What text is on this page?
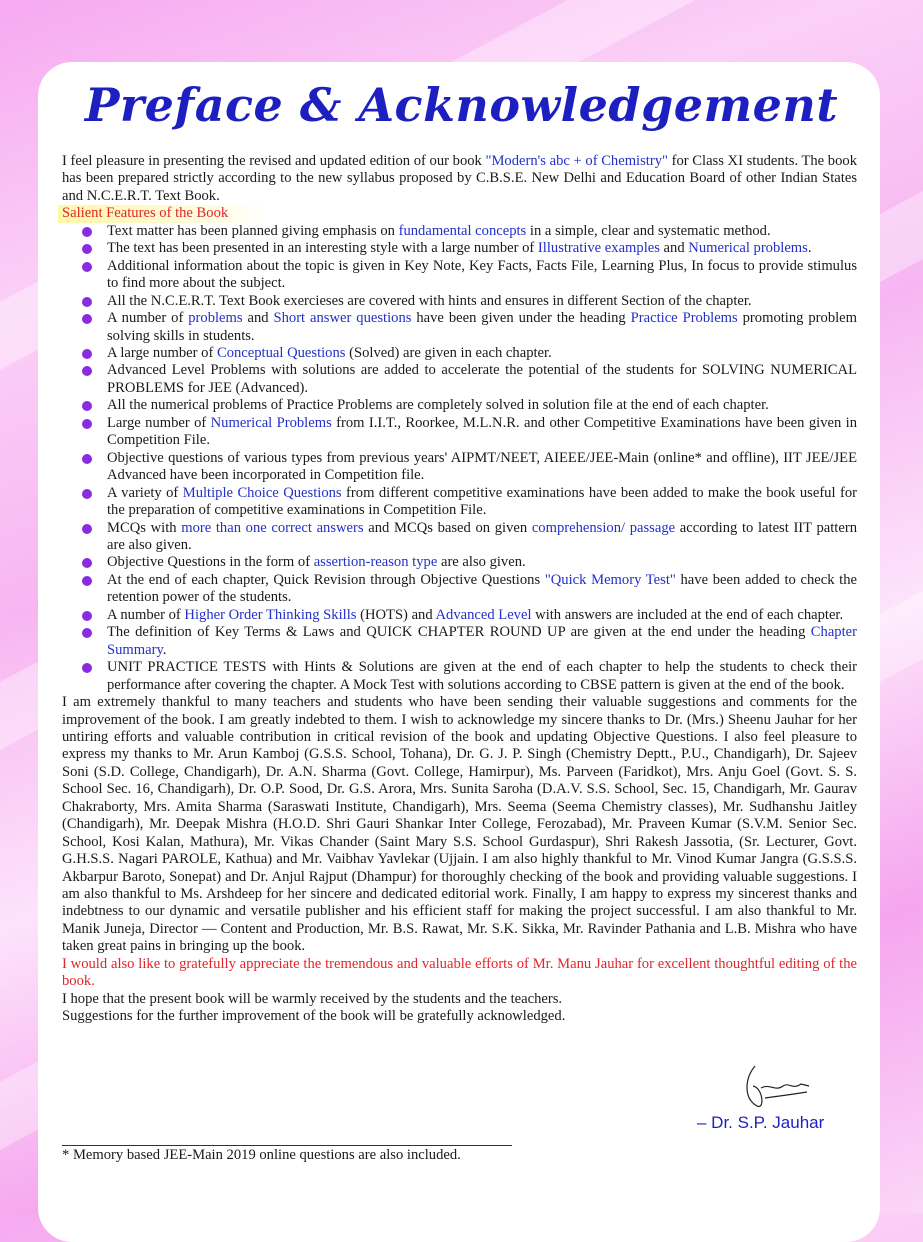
Preface & Acknowledgement

I feel pleasure in presenting the revised and updated edition of our book "Modern's abc + of Chemistry" for Class XI students. The book has been prepared strictly according to the new syllabus proposed by C.B.S.E. New Delhi and Education Board of other Indian States and N.C.E.R.T. Text Book.

Salient Features of the Book
Text matter has been planned giving emphasis on fundamental concepts in a simple, clear and systematic method.
The text has been presented in an interesting style with a large number of Illustrative examples and Numerical problems.
Additional information about the topic is given in Key Note, Key Facts, Facts File, Learning Plus, In focus to provide stimulus to find more about the subject.
All the N.C.E.R.T. Text Book exercieses are covered with hints and ensures in different Section of the chapter.
A number of problems and Short answer questions have been given under the heading Practice Problems promoting problem solving skills in students.
A large number of Conceptual Questions (Solved) are given in each chapter.
Advanced Level Problems with solutions are added to accelerate the potential of the students for SOLVING NUMERICAL PROBLEMS for JEE (Advanced).
All the numerical problems of Practice Problems are completely solved in solution file at the end of each chapter.
Large number of Numerical Problems from I.I.T., Roorkee, M.L.N.R. and other Competitive Examinations have been given in Competition File.
Objective questions of various types from previous years' AIPMT/NEET, AIEEE/JEE-Main (online* and offline), IIT JEE/JEE Advanced have been incorporated in Competition file.
A variety of Multiple Choice Questions from different competitive examinations have been added to make the book useful for the preparation of competitive examinations in Competition File.
MCQs with more than one correct answers and MCQs based on given comprehension/ passage according to latest IIT pattern are also given.
Objective Questions in the form of assertion-reason type are also given.
At the end of each chapter, Quick Revision through Objective Questions "Quick Memory Test" have been added to check the retention power of the students.
A number of Higher Order Thinking Skills (HOTS) and Advanced Level with answers are included at the end of each chapter.
The definition of Key Terms & Laws and QUICK CHAPTER ROUND UP are given at the end under the heading Chapter Summary.
UNIT PRACTICE TESTS with Hints & Solutions are given at the end of each chapter to help the students to check their performance after covering the chapter. A Mock Test with solutions according to CBSE pattern is given at the end of the book.

I am extremely thankful to many teachers and students who have been sending their valuable suggestions and comments for the improvement of the book. I am greatly indebted to them. I wish to acknowledge my sincere thanks to Dr. (Mrs.) Sheenu Jauhar for her untiring efforts and valuable contribution in critical revision of the book and updating Objective Questions. I also feel pleasure to express my thanks to Mr. Arun Kamboj (G.S.S. School, Tohana), Dr. G. J. P. Singh (Chemistry Deptt., P.U., Chandigarh), Dr. Sajeev Soni (S.D. College, Chandigarh), Dr. A.N. Sharma (Govt. College, Hamirpur), Ms. Parveen (Faridkot), Mrs. Anju Goel (Govt. S. S. School Sec. 16, Chandigarh), Dr. O.P. Sood, Dr. G.S. Arora, Mrs. Sunita Saroha (D.A.V. S.S. School, Sec. 15, Chandigarh, Mr. Gaurav Chakraborty, Mrs. Amita Sharma (Saraswati Institute, Chandigarh), Mrs. Seema (Seema Chemistry classes), Mr. Sudhanshu Jaitley (Chandigarh), Mr. Deepak Mishra (H.O.D. Shri Gauri Shankar Inter College, Ferozabad), Mr. Praveen Kumar (S.V.M. Senior Sec. School, Kosi Kalan, Mathura), Mr. Vikas Chander (Saint Mary S.S. School Gurdaspur), Shri Rakesh Jassotia, (Sr. Lecturer, Govt. G.H.S.S. Nagari PAROLE, Kathua) and Mr. Vaibhav Yavlekar (Ujjain. I am also highly thankful to Mr. Vinod Kumar Jangra (G.S.S.S. Akbarpur Baroto, Sonepat) and Dr. Anjul Rajput (Dhampur) for thoroughly checking of the book and providing valuable suggestions. I am also thankful to Ms. Arshdeep for her sincere and dedicated editorial work. Finally, I am happy to express my sincerest thanks and indebtness to our dynamic and versatile publisher and his efficient staff for making the project successful. I am also thankful to Mr. Manik Juneja, Director — Content and Production, Mr. B.S. Rawat, Mr. S.K. Sikka, Mr. Ravinder Pathania and L.B. Mishra who have taken great pains in bringing up the book.

I would also like to gratefully appreciate the tremendous and valuable efforts of Mr. Manu Jauhar for excellent thoughtful editing of the book.

I hope that the present book will be warmly received by the students and the teachers.

Suggestions for the further improvement of the book will be gratefully acknowledged.

– Dr. S.P. Jauhar
* Memory based JEE-Main 2019 online questions are also included.
